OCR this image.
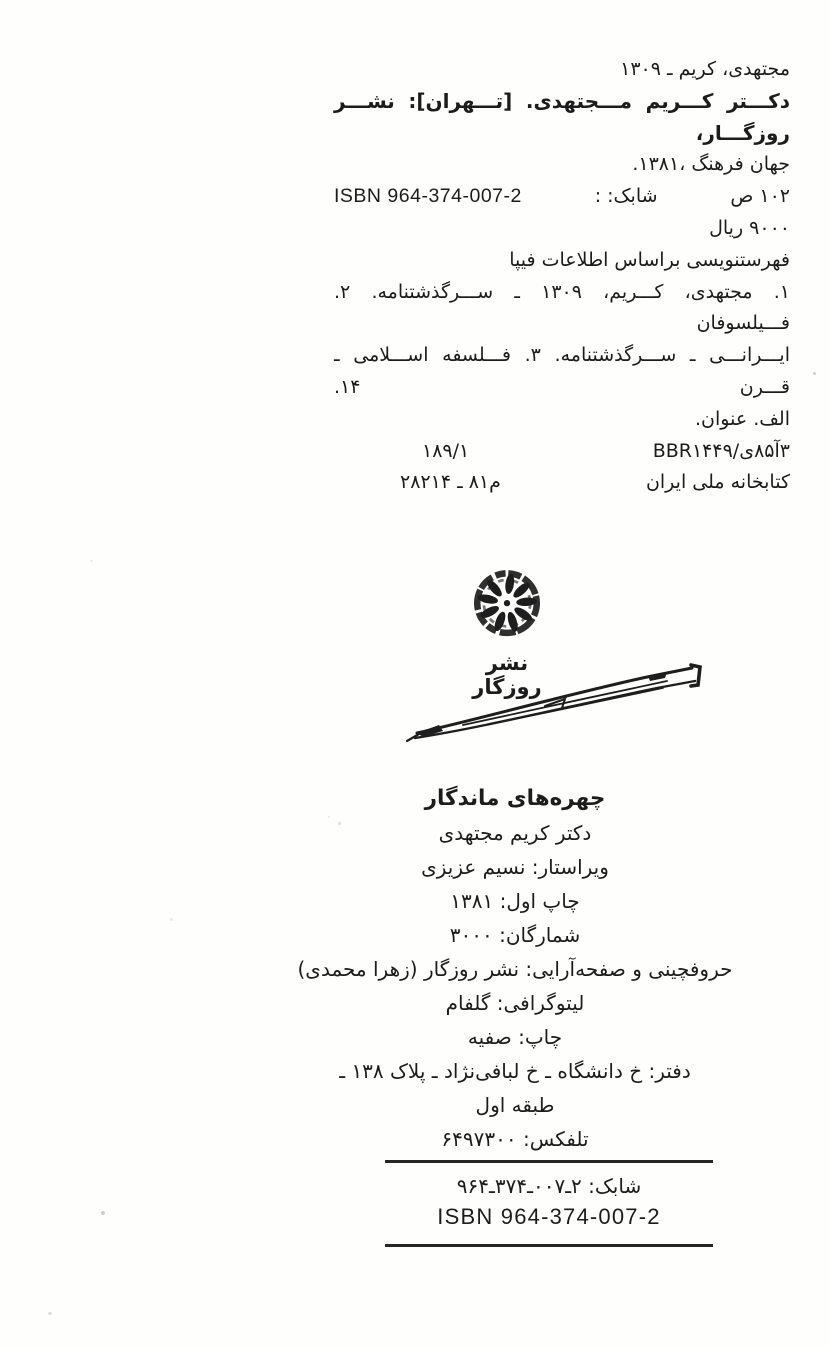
مجتهدی، کریم ـ ۱۳۰۹
دکـــتر کـــریم مـــجتهدی. [تـــهران]: نشـــر روزگـــار،
جهان فرهنگ ،۱۳۸۱.
۱۰۲ ص
شابک: :
ISBN 964-374-007-2
۹۰۰۰ ریال
فهرستنویسی براساس اطلاعات فیپا
۱. مجتهدی، کـــریم، ۱۳۰۹ ـ ســـرگذشتنامه. ۲. فـــیلسوفان
ایـــرانـــی ـ ســـرگذشتنامه. ۳. فـــلسفه اســـلامی ـ قـــرن ۱۴.
الف. عنوان.
۳آ۸۵ی/BBR۱۴۴۹
۱۸۹/۱
کتابخانه ملی ایران
م۸۱ ـ ۲۸۲۱۴
نشر روزگار
چهره‌های ماندگار
دکتر کریم مجتهدی
ویراستار: نسیم عزیزی
چاپ اول: ۱۳۸۱
شمارگان: ۳۰۰۰
حروفچینی و صفحه‌آرایی: نشر روزگار (زهرا محمدی)
لیتوگرافی: گلفام
چاپ: صفیه
دفتر: خ دانشگاه ـ خ لبافی‌نژاد ـ پلاک ۱۳۸ ـ
طبقه اول
تلفکس: ۶۴۹۷۳۰۰
شابک: ۲ـ۰۰۷ـ۳۷۴ـ۹۶۴
ISBN 964-374-007-2
